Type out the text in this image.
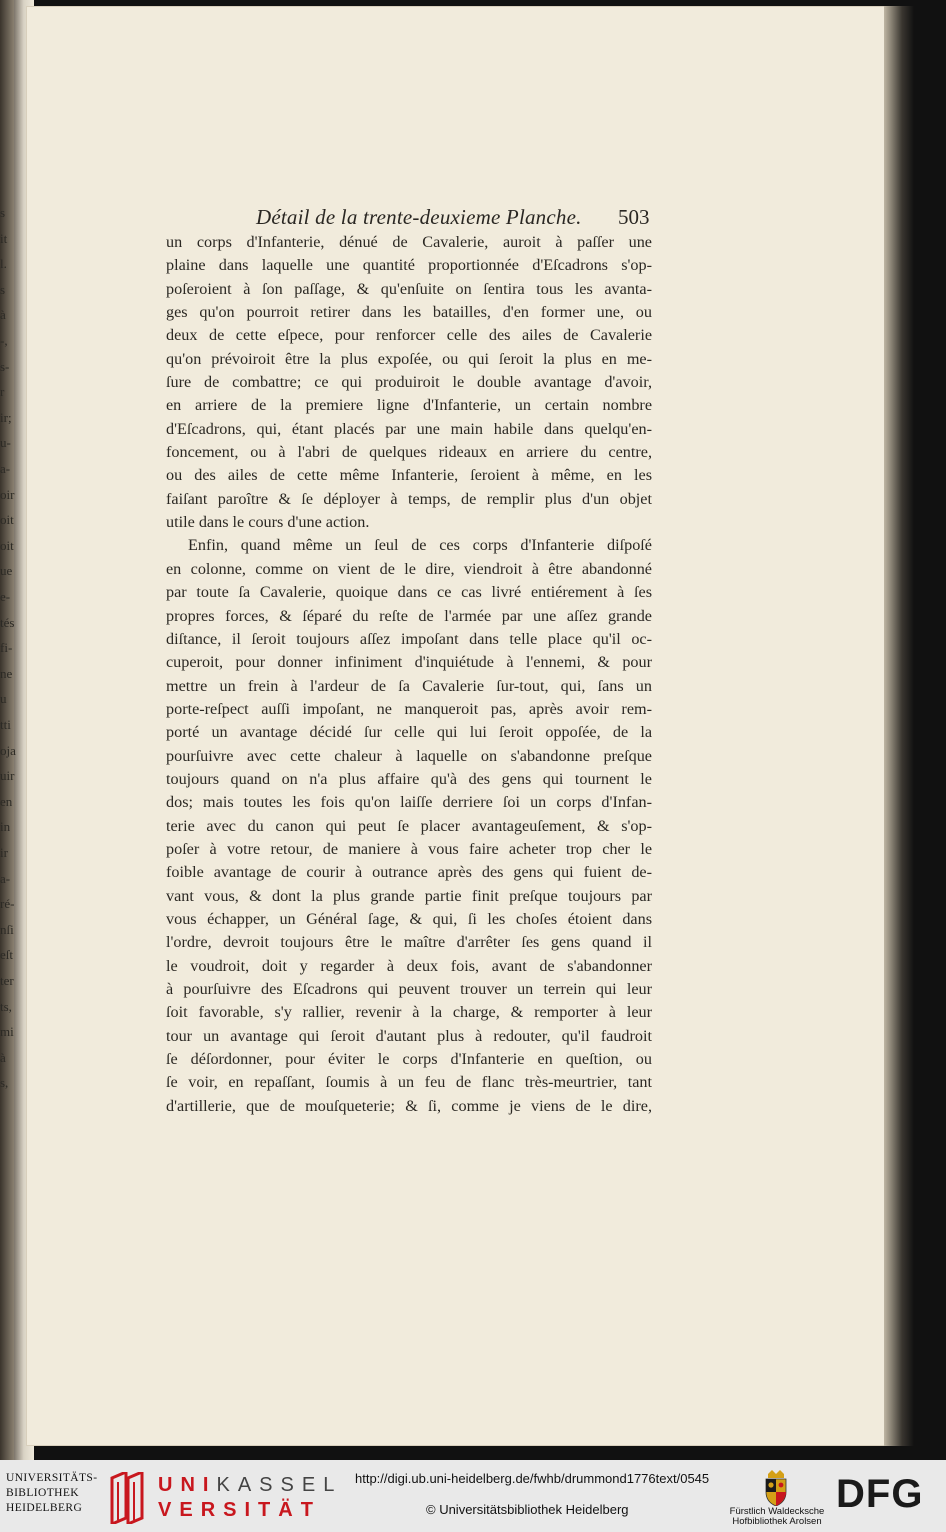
s
it
l.
s
à
-,
s-
r
ir;
u-
a-
oir
oit
oit
ue
e-
tés
fi-
ne
u
tti
oja
uir
en
in
ir
a-
ré-
nſi
eſt
ter
ts,
mi
à
s,
Détail de la trente-deuxieme Planche. 503
un corps d'Infanterie, dénué de Cavalerie, auroit à paſſer une
plaine dans laquelle une quantité proportionnée d'Eſcadrons s'op-
poſeroient à ſon paſſage, & qu'enſuite on ſentira tous les avanta-
ges qu'on pourroit retirer dans les batailles, d'en former une, ou
deux de cette eſpece, pour renforcer celle des ailes de Cavalerie
qu'on prévoiroit être la plus expoſée, ou qui ſeroit la plus en me-
ſure de combattre; ce qui produiroit le double avantage d'avoir,
en arriere de la premiere ligne d'Infanterie, un certain nombre
d'Eſcadrons, qui, étant placés par une main habile dans quelqu'en-
foncement, ou à l'abri de quelques rideaux en arriere du centre,
ou des ailes de cette même Infanterie, ſeroient à même, en les
faiſant paroître & ſe déployer à temps, de remplir plus d'un objet
utile dans le cours d'une action.
Enfin, quand même un ſeul de ces corps d'Infanterie diſpoſé
en colonne, comme on vient de le dire, viendroit à être abandonné
par toute ſa Cavalerie, quoique dans ce cas livré entiérement à ſes
propres forces, & ſéparé du reſte de l'armée par une aſſez grande
diſtance, il ſeroit toujours aſſez impoſant dans telle place qu'il oc-
cuperoit, pour donner infiniment d'inquiétude à l'ennemi, & pour
mettre un frein à l'ardeur de ſa Cavalerie ſur-tout, qui, ſans un
porte-reſpect auſſi impoſant, ne manqueroit pas, après avoir rem-
porté un avantage décidé ſur celle qui lui ſeroit oppoſée, de la
pourſuivre avec cette chaleur à laquelle on s'abandonne preſque
toujours quand on n'a plus affaire qu'à des gens qui tournent le
dos; mais toutes les fois qu'on laiſſe derriere ſoi un corps d'Infan-
terie avec du canon qui peut ſe placer avantageuſement, & s'op-
poſer à votre retour, de maniere à vous faire acheter trop cher le
foible avantage de courir à outrance après des gens qui fuient de-
vant vous, & dont la plus grande partie finit preſque toujours par
vous échapper, un Général ſage, & qui, ſi les choſes étoient dans
l'ordre, devroit toujours être le maître d'arrêter ſes gens quand il
le voudroit, doit y regarder à deux fois, avant de s'abandonner
à pourſuivre des Eſcadrons qui peuvent trouver un terrein qui leur
ſoit favorable, s'y rallier, revenir à la charge, & remporter à leur
tour un avantage qui ſeroit d'autant plus à redouter, qu'il faudroit
ſe déſordonner, pour éviter le corps d'Infanterie en queſtion, ou
ſe voir, en repaſſant, ſoumis à un feu de flanc très-meurtrier, tant
d'artillerie, que de mouſqueterie; & ſi, comme je viens de le dire,
UNIVERSITÄTS-
BIBLIOTHEK
HEIDELBERG
UNIKASSEL
VERSITÄT
http://digi.ub.uni-heidelberg.de/fwhb/drummond1776text/0545
© Universitätsbibliothek Heidelberg	Fürstlich Waldecksche
Hofbibliothek Arolsen
DFG
